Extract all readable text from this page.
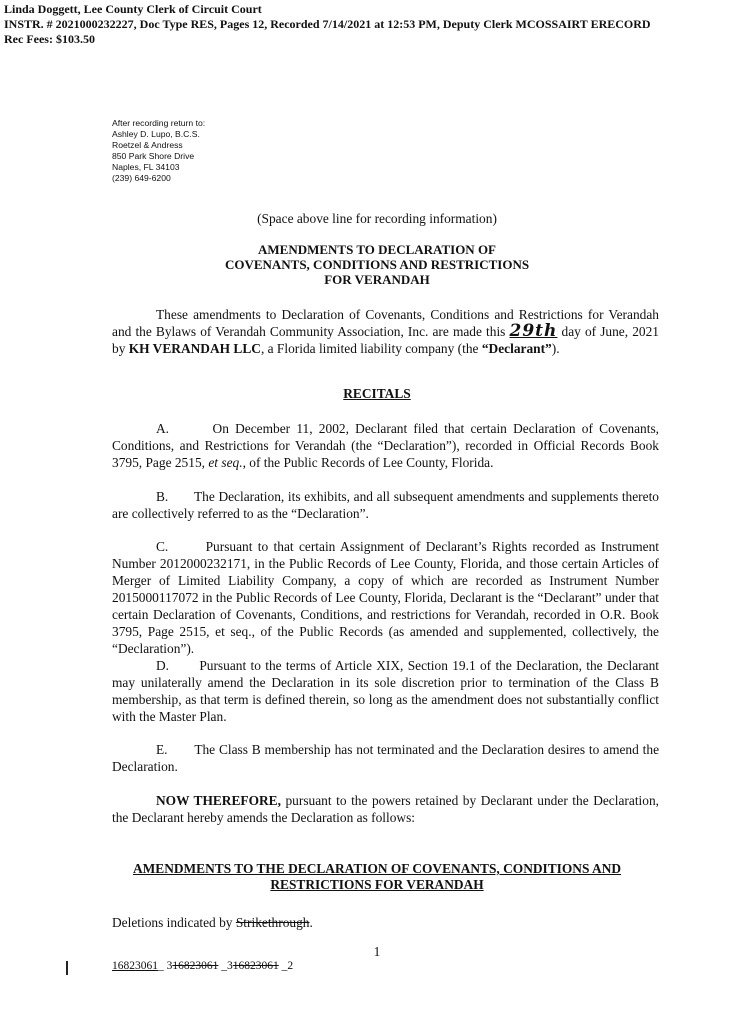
Linda Doggett, Lee County Clerk of Circuit Court
INSTR. # 2021000232227, Doc Type RES, Pages 12, Recorded 7/14/2021 at 12:53 PM, Deputy Clerk MCOSSAIRT ERECORD
Rec Fees: $103.50
After recording return to:
Ashley D. Lupo, B.C.S.
Roetzel & Andress
850 Park Shore Drive
Naples, FL 34103
(239) 649-6200
(Space above line for recording information)
AMENDMENTS TO DECLARATION OF
COVENANTS, CONDITIONS AND RESTRICTIONS
FOR VERANDAH
These amendments to Declaration of Covenants, Conditions and Restrictions for Verandah and the Bylaws of Verandah Community Association, Inc. are made this 29th day of June, 2021 by KH VERANDAH LLC, a Florida limited liability company (the “Declarant”).
RECITALS
A.	On December 11, 2002, Declarant filed that certain Declaration of Covenants, Conditions, and Restrictions for Verandah (the “Declaration”), recorded in Official Records Book 3795, Page 2515, et seq., of the Public Records of Lee County, Florida.
B. The Declaration, its exhibits, and all subsequent amendments and supplements thereto are collectively referred to as the “Declaration”.
C.	Pursuant to that certain Assignment of Declarant’s Rights recorded as Instrument Number 2012000232171, in the Public Records of Lee County, Florida, and those certain Articles of Merger of Limited Liability Company, a copy of which are recorded as Instrument Number 2015000117072 in the Public Records of Lee County, Florida, Declarant is the “Declarant” under that certain Declaration of Covenants, Conditions, and restrictions for Verandah, recorded in O.R. Book 3795, Page 2515, et seq., of the Public Records (as amended and supplemented, collectively, the “Declaration”).
D. Pursuant to the terms of Article XIX, Section 19.1 of the Declaration, the Declarant may unilaterally amend the Declaration in its sole discretion prior to termination of the Class B membership, as that term is defined therein, so long as the amendment does not substantially conflict with the Master Plan.
E. The Class B membership has not terminated and the Declaration desires to amend the Declaration.
NOW THEREFORE, pursuant to the powers retained by Declarant under the Declaration, the Declarant hereby amends the Declaration as follows:
AMENDMENTS TO THE DECLARATION OF COVENANTS, CONDITIONS AND
RESTRICTIONS FOR VERANDAH
Deletions indicated by Strikethrough.
1
16823061_ 316823061 _316823061 _2
